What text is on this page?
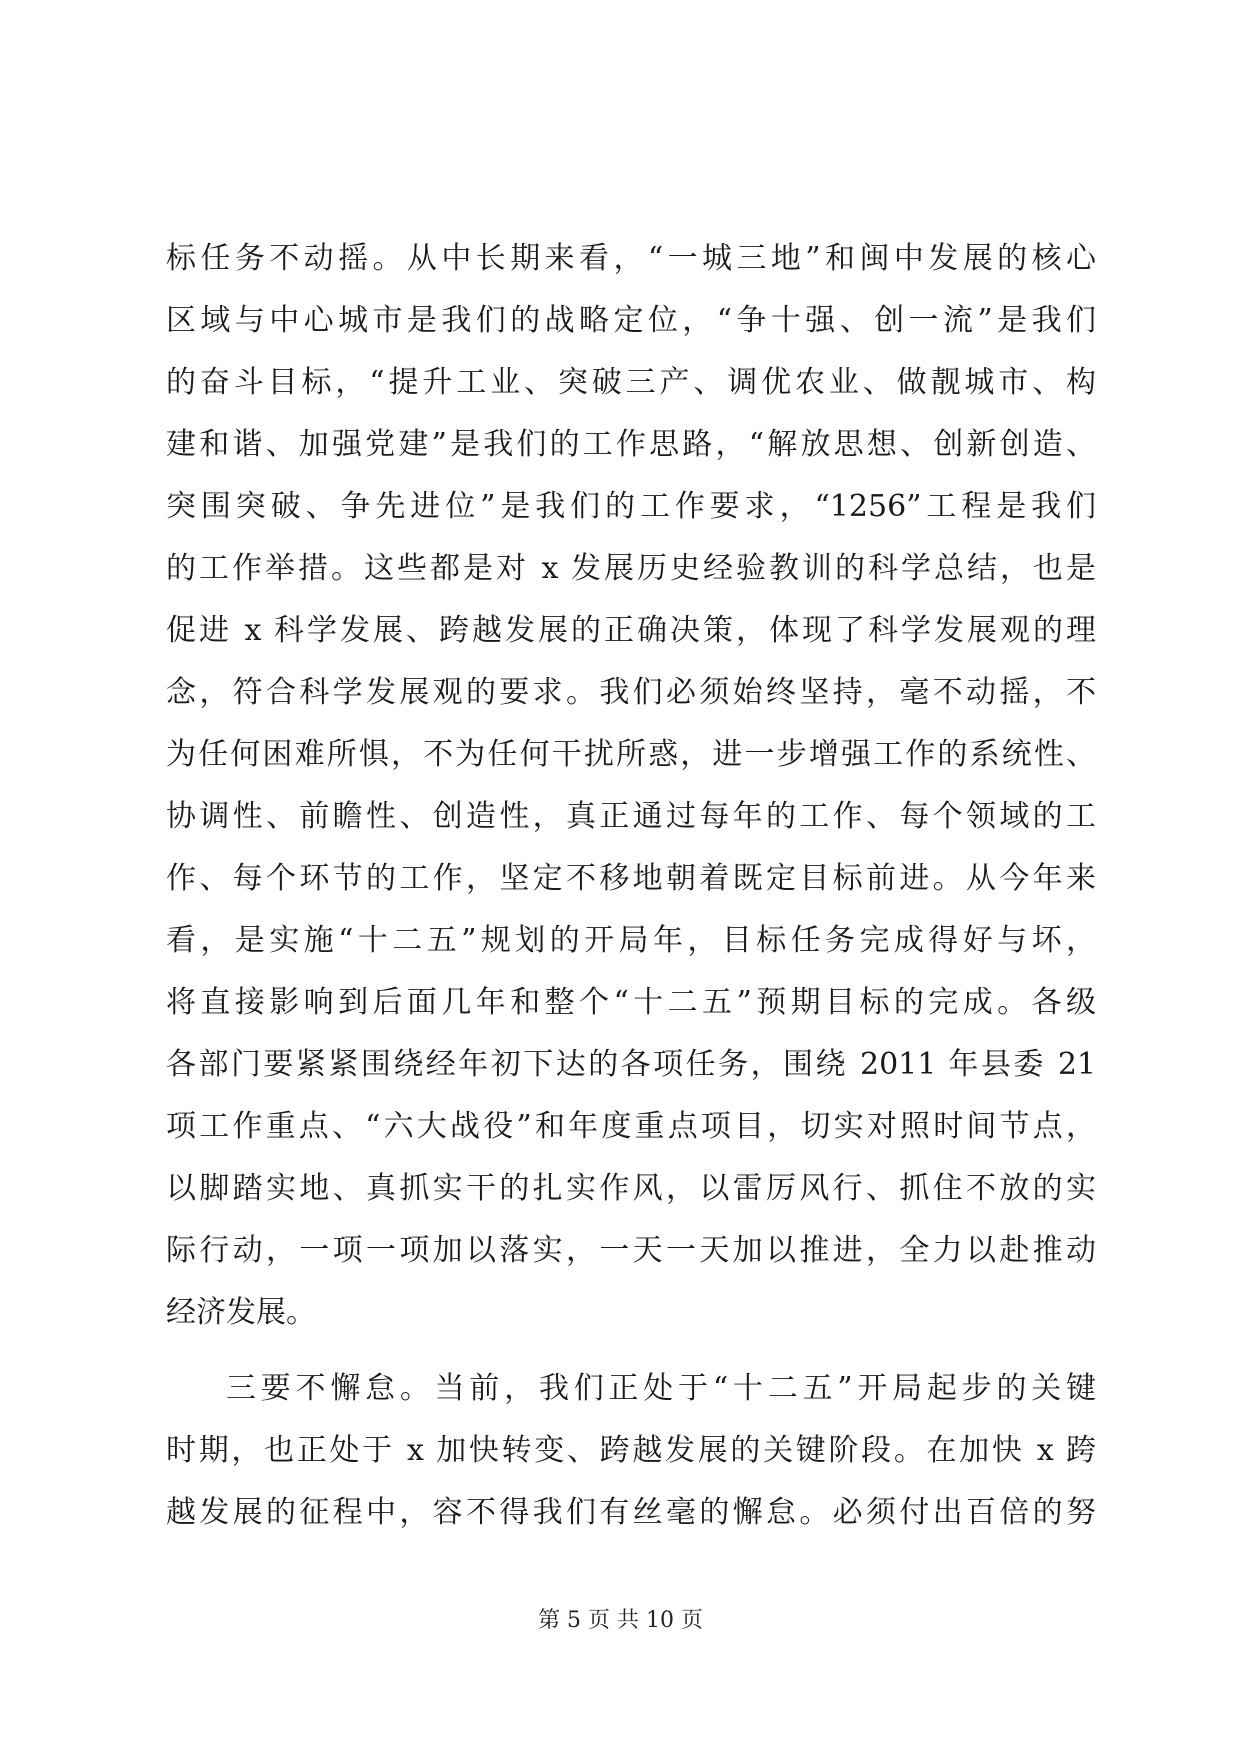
标任务不动摇。从中长期来看，“一城三地”和闽中发展的核心
区域与中心城市是我们的战略定位，“争十强、创一流”是我们
的奋斗目标，“提升工业、突破三产、调优农业、做靓城市、构
建和谐、加强党建”是我们的工作思路，“解放思想、创新创造、
突围突破、争先进位”是我们的工作要求，“1256”工程是我们
的工作举措。这些都是对 x 发展历史经验教训的科学总结，也是
促进 x 科学发展、跨越发展的正确决策，体现了科学发展观的理
念，符合科学发展观的要求。我们必须始终坚持，毫不动摇，不
为任何困难所惧，不为任何干扰所惑，进一步增强工作的系统性、
协调性、前瞻性、创造性，真正通过每年的工作、每个领域的工
作、每个环节的工作，坚定不移地朝着既定目标前进。从今年来
看，是实施“十二五”规划的开局年，目标任务完成得好与坏，
将直接影响到后面几年和整个“十二五”预期目标的完成。各级
各部门要紧紧围绕经年初下达的各项任务，围绕 2011 年县委 21
项工作重点、“六大战役”和年度重点项目，切实对照时间节点，
以脚踏实地、真抓实干的扎实作风，以雷厉风行、抓住不放的实
际行动，一项一项加以落实，一天一天加以推进，全力以赴推动
经济发展。
三要不懈怠。当前，我们正处于“十二五”开局起步的关键
时期，也正处于 x 加快转变、跨越发展的关键阶段。在加快 x 跨
越发展的征程中，容不得我们有丝毫的懈怠。必须付出百倍的努
第 5 页 共 10 页
